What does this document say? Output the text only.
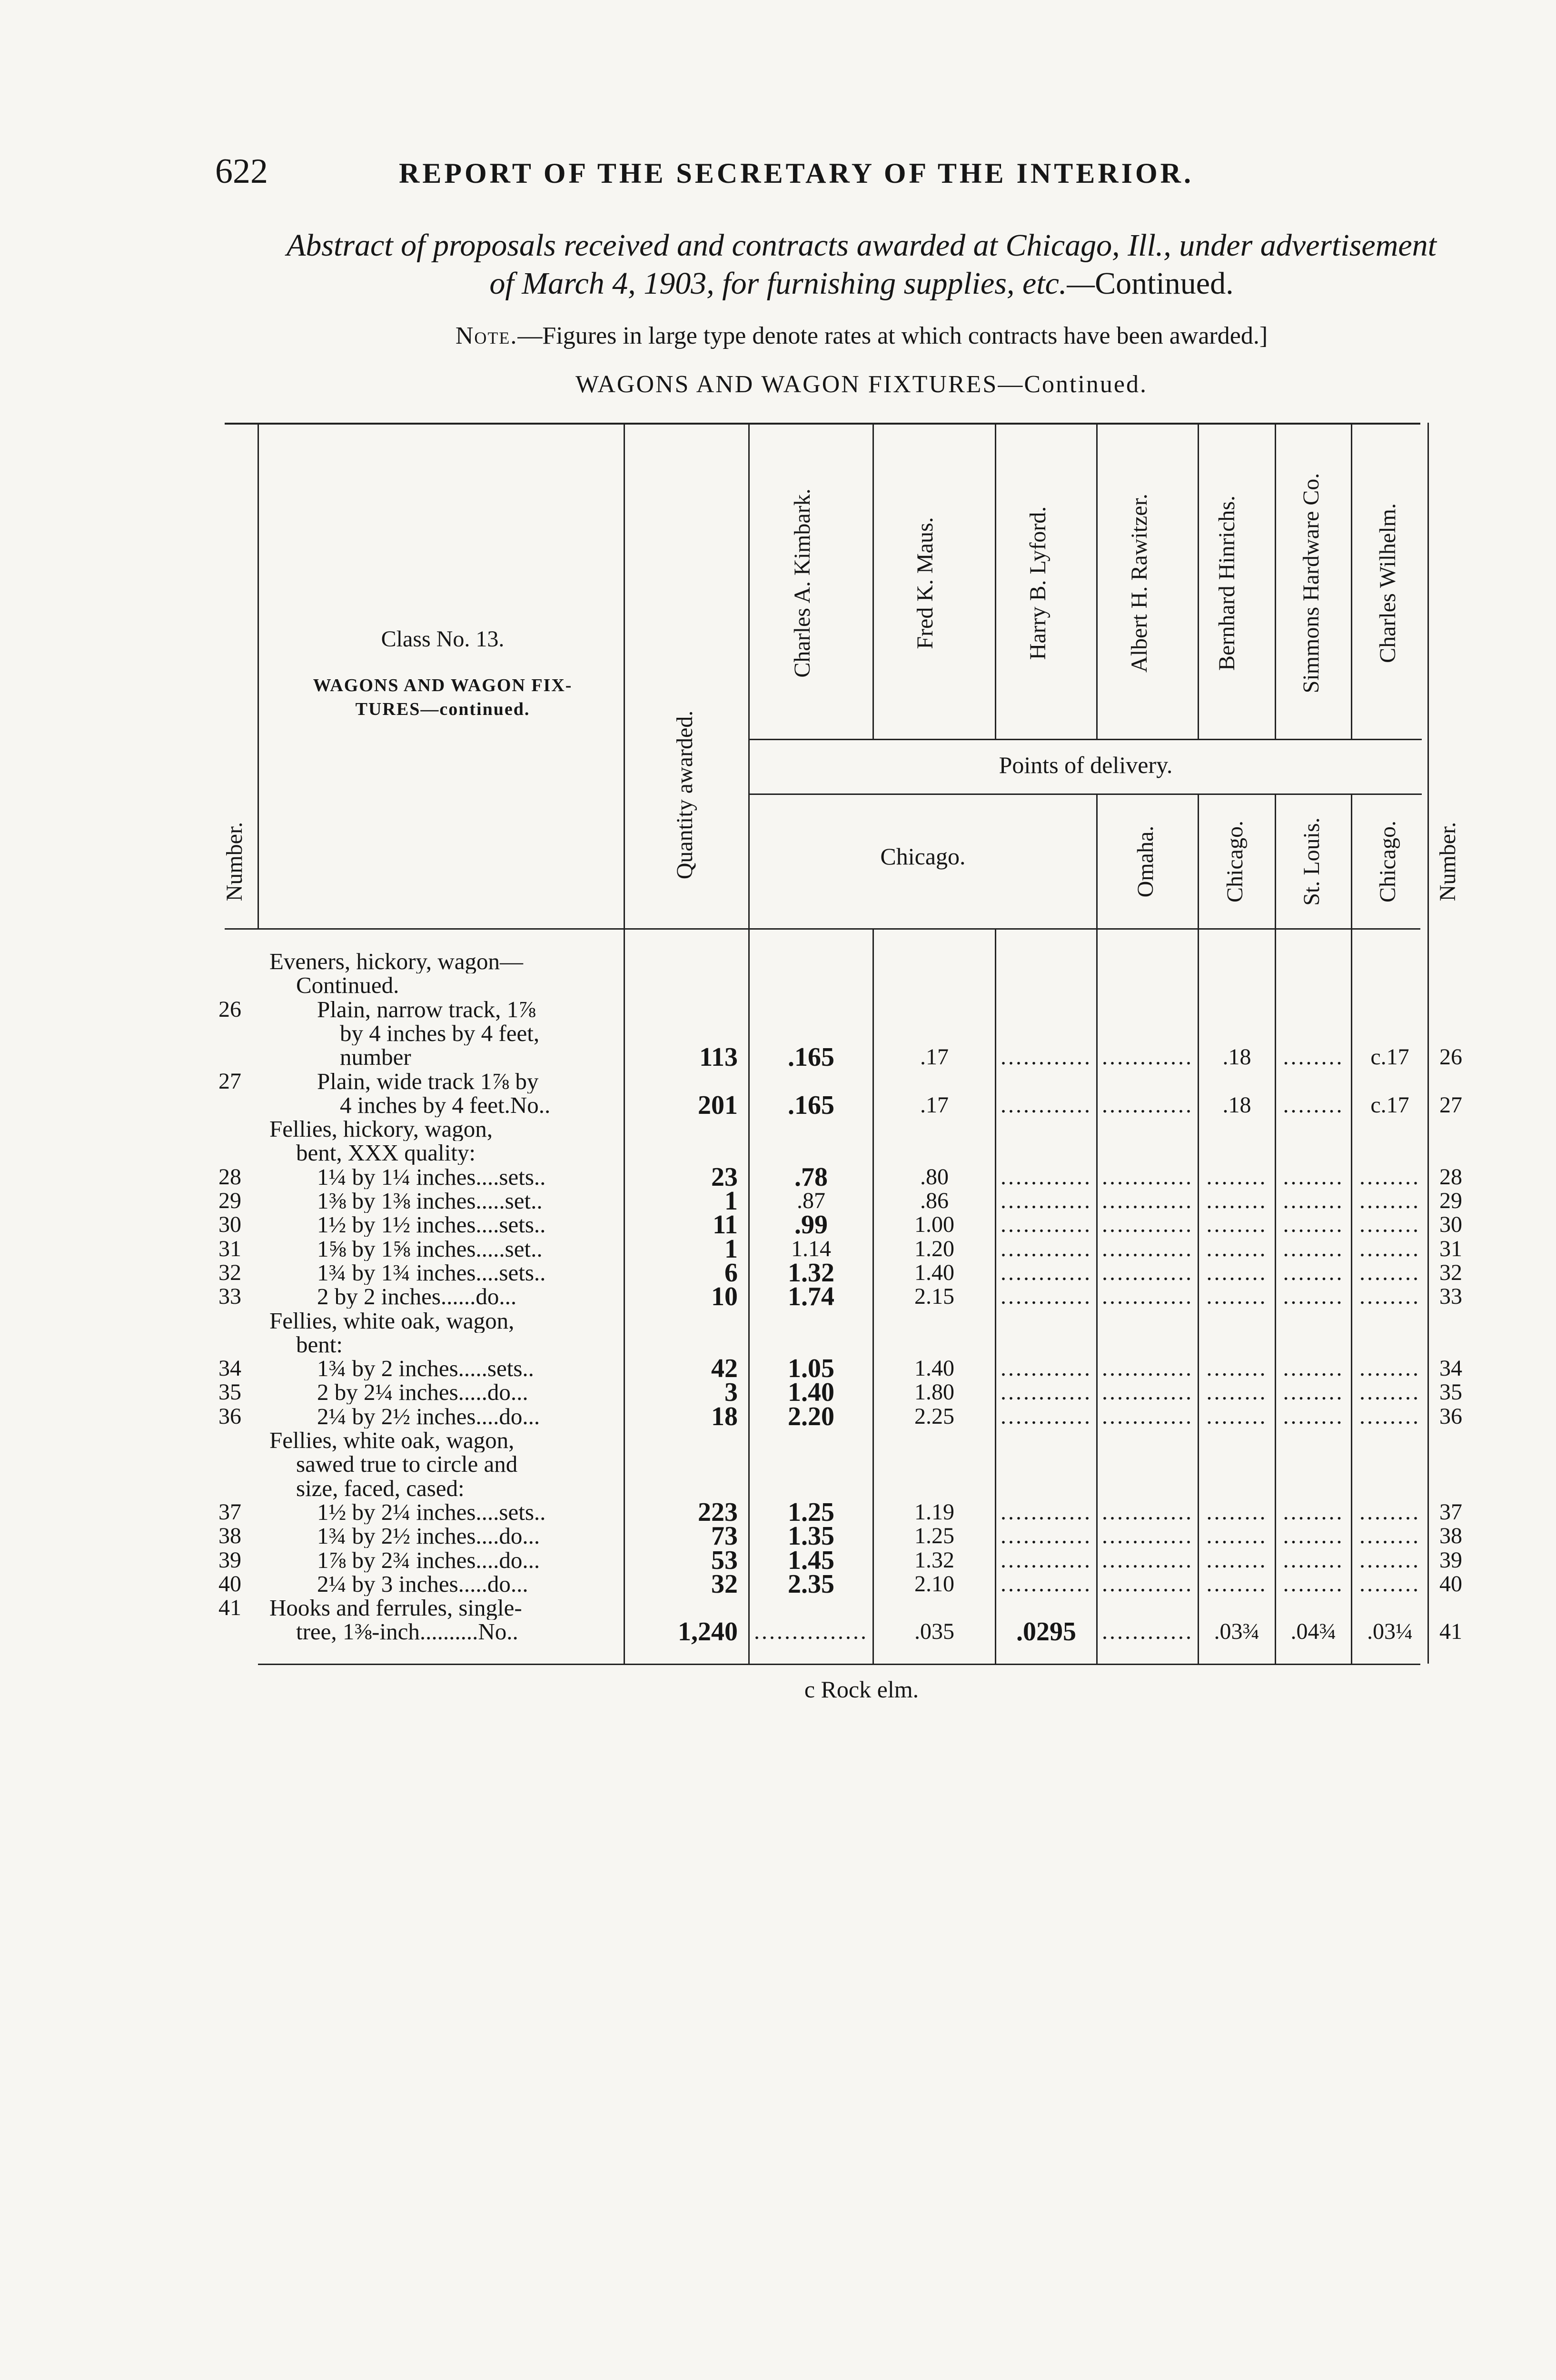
622	REPORT OF THE SECRETARY OF THE INTERIOR.
Abstract of proposals received and contracts awarded at Chicago, Ill., under advertisement
of March 4, 1903, for furnishing supplies, etc.—Continued.
Note.—Figures in large type denote rates at which contracts have been awarded.]
WAGONS AND WAGON FIXTURES—Continued.
Number.
Class No. 13.
WAGONS AND WAGON FIX-
TURES—continued.
Quantity awarded.
Charles A. Kimbark.	Fred K. Maus.	Harry B. Lyford.	Albert H. Rawitzer.	Bernhard Hinrichs.	Simmons Hardware Co. Charles Wilhelm.
Points of delivery.
Chicago.	Omaha.	Chicago. St. Louis. Chicago. Number.
Eveners, hickory, wagon—
Continued.
26	Plain, narrow track, 1⅞
by 4 inches by 4 feet,
number	113	.165	.17	............ ............	.18	........	c.17	26
27	Plain, wide track 1⅞ by
4 inches by 4 feet.No..	201	.165	.17	............ ............	.18	........	c.17	27
Fellies, hickory, wagon,
bent, XXX quality:
28	1¼ by 1¼ inches....sets..	23	.78	.80	............ ............ ........ ........ ........ 28
29	1⅜ by 1⅜ inches.....set..	1	.87	.86	............ ............ ........ ........ ........ 29
30	1½ by 1½ inches....sets..	11	.99	1.00	............ ............ ........ ........ ........ 30
31	1⅝ by 1⅝ inches.....set..	1	1.14	1.20	............ ............ ........ ........ ........ 31
32	1¾ by 1¾ inches....sets..	6	1.32	1.40	............ ............ ........ ........ ........ 32
33	2 by 2 inches......do...	10	1.74	2.15	............ ............ ........ ........ ........ 33
Fellies, white oak, wagon,
bent:
34	1¾ by 2 inches.....sets..	42	1.05	1.40	............ ............ ........ ........ ........ 34
35	2 by 2¼ inches.....do...	3	1.40	1.80	............ ............ ........ ........ ........ 35
36	2¼ by 2½ inches....do...	18	2.20	2.25	............ ............ ........ ........ ........ 36
Fellies, white oak, wagon,
sawed true to circle and
size, faced, cased:
37	1½ by 2¼ inches....sets..	223	1.25	1.19	............ ............ ........ ........ ........ 37
38	1¾ by 2½ inches....do...	73	1.35	1.25	............ ............ ........ ........ ........ 38
39	1⅞ by 2¾ inches....do...	53	1.45	1.32	............ ............ ........ ........ ........ 39
40	2¼ by 3 inches.....do...	32	2.35	2.10	............ ............ ........ ........ ........ 40
41	Hooks and ferrules, single-
tree, 1⅜-inch..........No..	1,240 ...............	.035	.0295	............ .03¾	.04¾	.03¼	41
c Rock elm.
